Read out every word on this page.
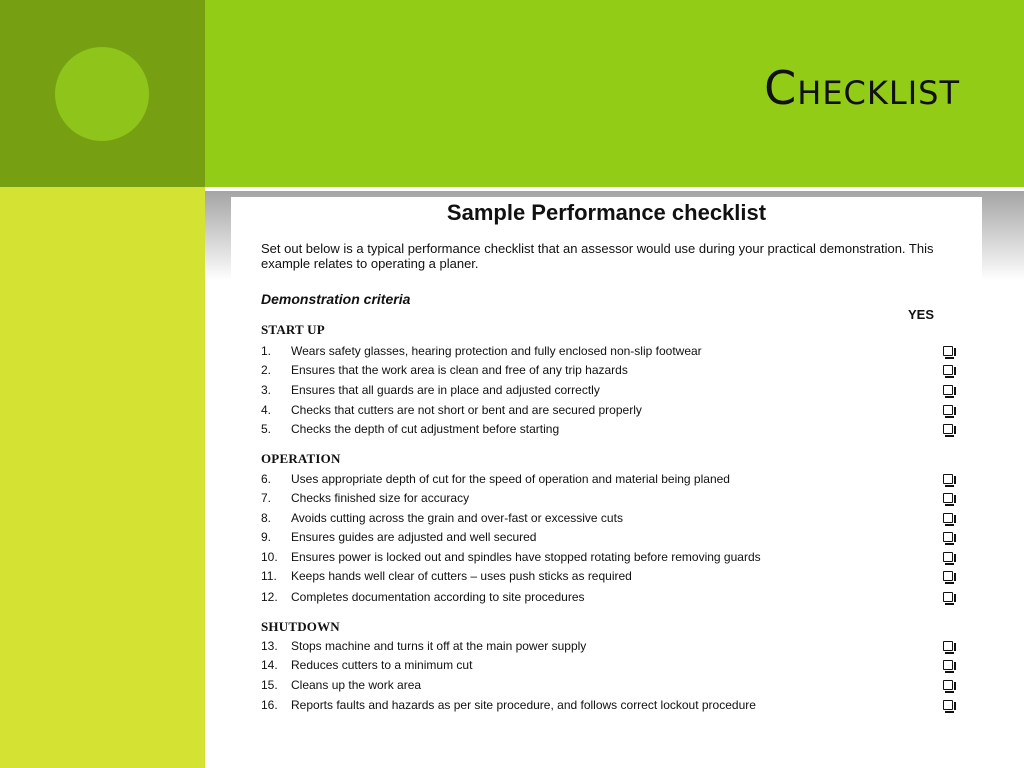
Checklist
Sample Performance checklist

Set out below is a typical performance checklist that an assessor would use during your practical demonstration. This example relates to operating a planer.

Demonstration criteria
YES
START UP
1. Wears safety glasses, hearing protection and fully enclosed non-slip footwear
2. Ensures that the work area is clean and free of any trip hazards
3. Ensures that all guards are in place and adjusted correctly
4. Checks that cutters are not short or bent and are secured properly
5. Checks the depth of cut adjustment before starting
OPERATION
6. Uses appropriate depth of cut for the speed of operation and material being planed
7. Checks finished size for accuracy
8. Avoids cutting across the grain and over-fast or excessive cuts
9. Ensures guides are adjusted and well secured
10. Ensures power is locked out and spindles have stopped rotating before removing guards
11. Keeps hands well clear of cutters – uses push sticks as required
12. Completes documentation according to site procedures
SHUTDOWN
13. Stops machine and turns it off at the main power supply
14. Reduces cutters to a minimum cut
15. Cleans up the work area
16. Reports faults and hazards as per site procedure, and follows correct lockout procedure
